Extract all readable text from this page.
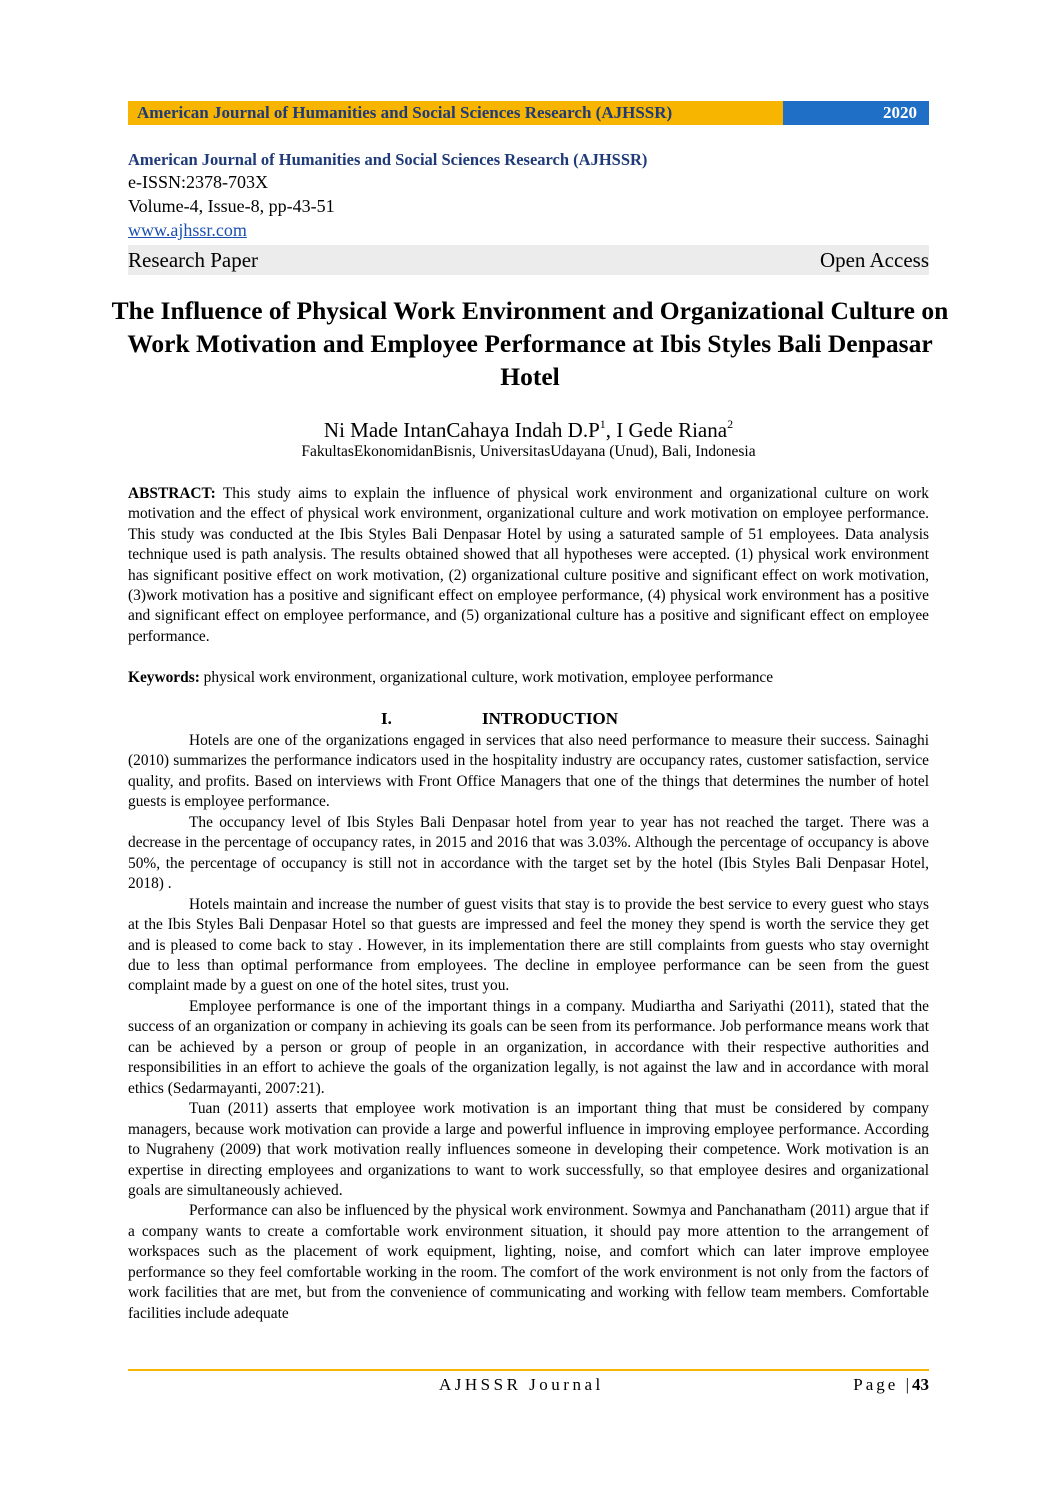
American Journal of Humanities and Social Sciences Research (AJHSSR)	2020
American Journal of Humanities and Social Sciences Research (AJHSSR)
e-ISSN:2378-703X
Volume-4, Issue-8, pp-43-51
www.ajhssr.com
Research Paper	Open Access
The Influence of Physical Work Environment and Organizational Culture on Work Motivation and Employee Performance at Ibis Styles Bali Denpasar Hotel
Ni Made IntanCahaya Indah $D.P^1$, I Gede Riana$^2$
FakultasEkonomidanBisnis, UniversitasUdayana (Unud), Bali, Indonesia
ABSTRACT: This study aims to explain the influence of physical work environment and organizational culture on work motivation and the effect of physical work environment, organizational culture and work motivation on employee performance. This study was conducted at the Ibis Styles Bali Denpasar Hotel by using a saturated sample of 51 employees. Data analysis technique used is path analysis. The results obtained showed that all hypotheses were accepted. (1) physical work environment has significant positive effect on work motivation, (2) organizational culture positive and significant effect on work motivation, (3)work motivation has a positive and significant effect on employee performance, (4) physical work environment has a positive and significant effect on employee performance, and (5) organizational culture has a positive and significant effect on employee performance.
Keywords: physical work environment, organizational culture, work motivation, employee performance
I.	INTRODUCTION

Hotels are one of the organizations engaged in services that also need performance to measure their success. Sainaghi (2010) summarizes the performance indicators used in the hospitality industry are occupancy rates, customer satisfaction, service quality, and profits. Based on interviews with Front Office Managers that one of the things that determines the number of hotel guests is employee performance.

The occupancy level of Ibis Styles Bali Denpasar hotel from year to year has not reached the target. There was a decrease in the percentage of occupancy rates, in 2015 and 2016 that was 3.03%. Although the percentage of occupancy is above 50%, the percentage of occupancy is still not in accordance with the target set by the hotel (Ibis Styles Bali Denpasar Hotel, 2018) .

Hotels maintain and increase the number of guest visits that stay is to provide the best service to every guest who stays at the Ibis Styles Bali Denpasar Hotel so that guests are impressed and feel the money they spend is worth the service they get and is pleased to come back to stay . However, in its implementation there are still complaints from guests who stay overnight due to less than optimal performance from employees. The decline in employee performance can be seen from the guest complaint made by a guest on one of the hotel sites, trust you.

Employee performance is one of the important things in a company. Mudiartha and Sariyathi (2011), stated that the success of an organization or company in achieving its goals can be seen from its performance. Job performance means work that can be achieved by a person or group of people in an organization, in accordance with their respective authorities and responsibilities in an effort to achieve the goals of the organization legally, is not against the law and in accordance with moral ethics (Sedarmayanti, 2007:21).

Tuan (2011) asserts that employee work motivation is an important thing that must be considered by company managers, because work motivation can provide a large and powerful influence in improving employee performance. According to Nugraheny (2009) that work motivation really influences someone in developing their competence. Work motivation is an expertise in directing employees and organizations to want to work successfully, so that employee desires and organizational goals are simultaneously achieved.

Performance can also be influenced by the physical work environment. Sowmya and Panchanatham (2011) argue that if a company wants to create a comfortable work environment situation, it should pay more attention to the arrangement of workspaces such as the placement of work equipment, lighting, noise, and comfort which can later improve employee performance so they feel comfortable working in the room. The comfort of the work environment is not only from the factors of work facilities that are met, but from the convenience of communicating and working with fellow team members. Comfortable facilities include adequate

AJHSSR Journal	Page |43
